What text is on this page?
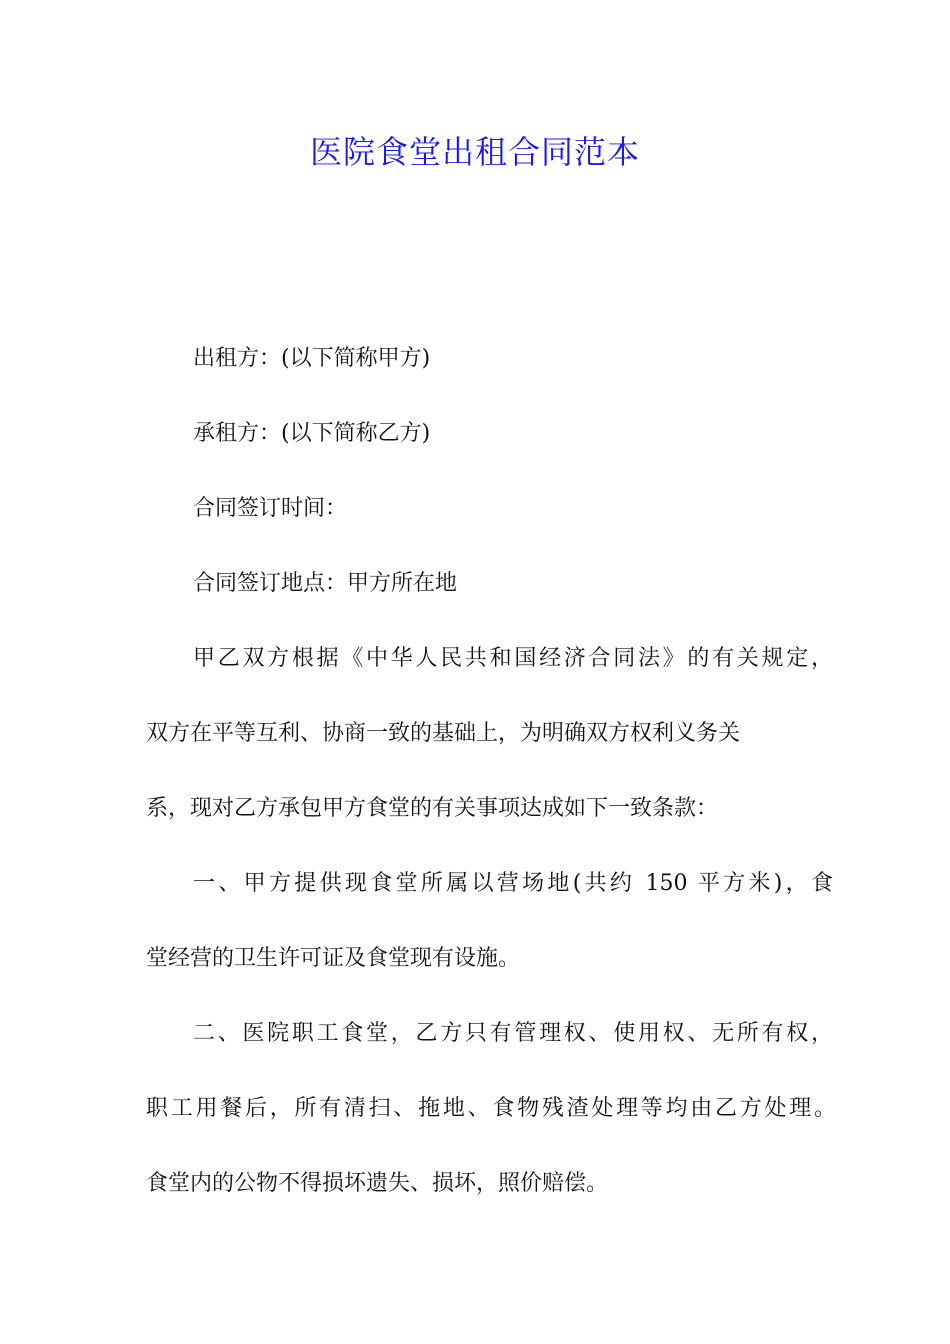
医院食堂出租合同范本
出租方：(以下简称甲方)
承租方：(以下简称乙方)
合同签订时间：
合同签订地点：甲方所在地
甲乙双方根据《中华人民共和国经济合同法》的有关规定，
双方在平等互利、协商一致的基础上，为明确双方权利义务关
系，现对乙方承包甲方食堂的有关事项达成如下一致条款：
一、甲方提供现食堂所属以营场地(共约 150 平方米)，食
堂经营的卫生许可证及食堂现有设施。
二、医院职工食堂，乙方只有管理权、使用权、无所有权，
职工用餐后，所有清扫、拖地、食物残渣处理等均由乙方处理。
食堂内的公物不得损坏遗失、损坏，照价赔偿。
